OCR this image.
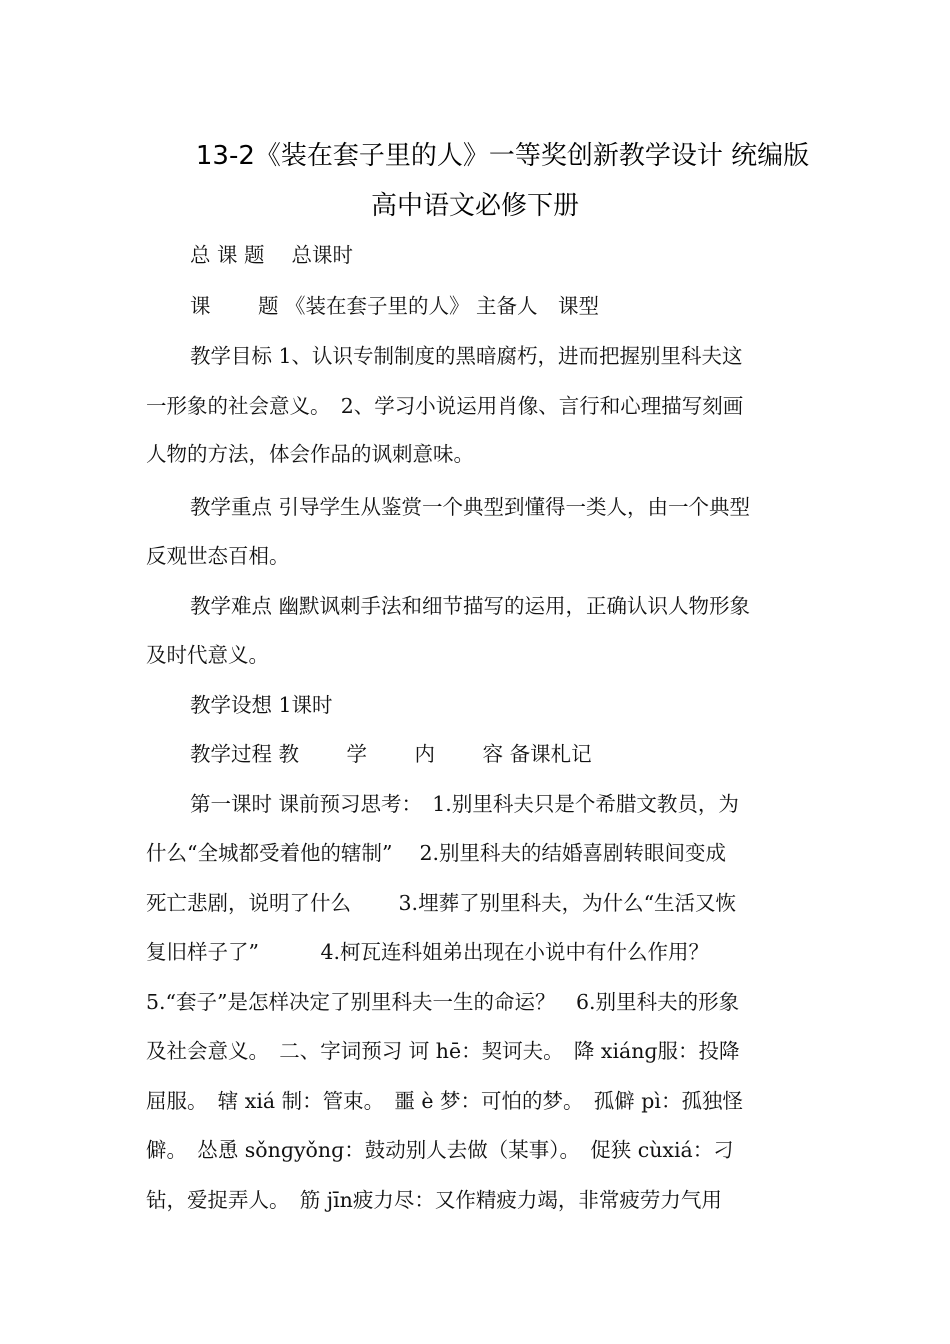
13-2《装在套子里的人》一等奖创新教学设计 统编版
高中语文必修下册
总 课 题　 总课时
课　　 题 《装在套子里的人》 主备人　课型
教学目标 1、认识专制制度的黑暗腐朽，进而把握别里科夫这
一形象的社会意义。　2、学习小说运用肖像、言行和心理描写刻画
人物的方法，体会作品的讽刺意味。
教学重点 引导学生从鉴赏一个典型到懂得一类人，由一个典型
反观世态百相。
教学难点 幽默讽刺手法和细节描写的运用，正确认识人物形象
及时代意义。
教学设想 1课时
教学过程 教　　 学　　 内　　 容 备课札记
第一课时 课前预习思考：　1.别里科夫只是个希腊文教员，为
什么“全城都受着他的辖制”　 2.别里科夫的结婚喜剧转眼间变成
死亡悲剧，说明了什么　　 3.埋葬了别里科夫，为什么“生活又恢
复旧样子了”　　　4.柯瓦连科姐弟出现在小说中有什么作用？
5.“套子”是怎样决定了别里科夫一生的命运？　6.别里科夫的形象
及社会意义。　二、字词预习 诃 hē：契诃夫。　降 xiánɡ服：投降
屈服。　辖 xiá 制：管束。　噩 è 梦：可怕的梦。　孤僻 pì：孤独怪
僻。　怂恿 sǒnɡyǒnɡ：鼓动别人去做（某事）。　促狭 cùxiá：刁
钻，爱捉弄人。　筋 jīn疲力尽：又作精疲力竭，非常疲劳力气用
